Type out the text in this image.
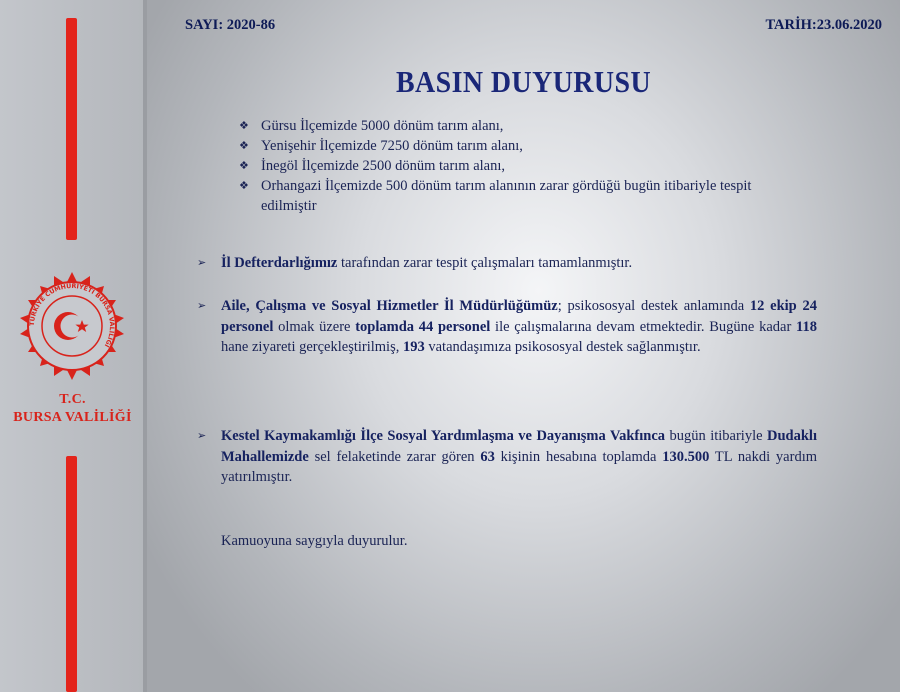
TÜRKİYE CUMHURİYETİ BURSA VALİLİĞİ
T.C.
BURSA VALİLİĞİ
SAYI: 2020-86	TARİH:23.06.2020
BASIN DUYURUSU
❖ Gürsu İlçemizde 5000 dönüm tarım alanı,
❖ Yenişehir İlçemizde 7250 dönüm tarım alanı,
❖ İnegöl İlçemizde 2500 dönüm tarım alanı,
❖ Orhangazi İlçemizde 500 dönüm tarım alanının zarar gördüğü bugün itibariyle tespit edilmiştir
➢ İl Defterdarlığımız tarafından zarar tespit çalışmaları tamamlanmıştır.
➢ Aile, Çalışma ve Sosyal Hizmetler İl Müdürlüğümüz; psikososyal destek anlamında 12 ekip 24 personel olmak üzere toplamda 44 personel ile çalışmalarına devam etmektedir. Bugüne kadar 118 hane ziyareti gerçekleştirilmiş, 193 vatandaşımıza psikososyal destek sağlanmıştır.
➢ Kestel Kaymakamlığı İlçe Sosyal Yardımlaşma ve Dayanışma Vakfınca bugün itibariyle Dudaklı Mahallemizde sel felaketinde zarar gören 63 kişinin hesabına toplamda 130.500 TL nakdi yardım yatırılmıştır.
Kamuoyuna saygıyla duyurulur.
